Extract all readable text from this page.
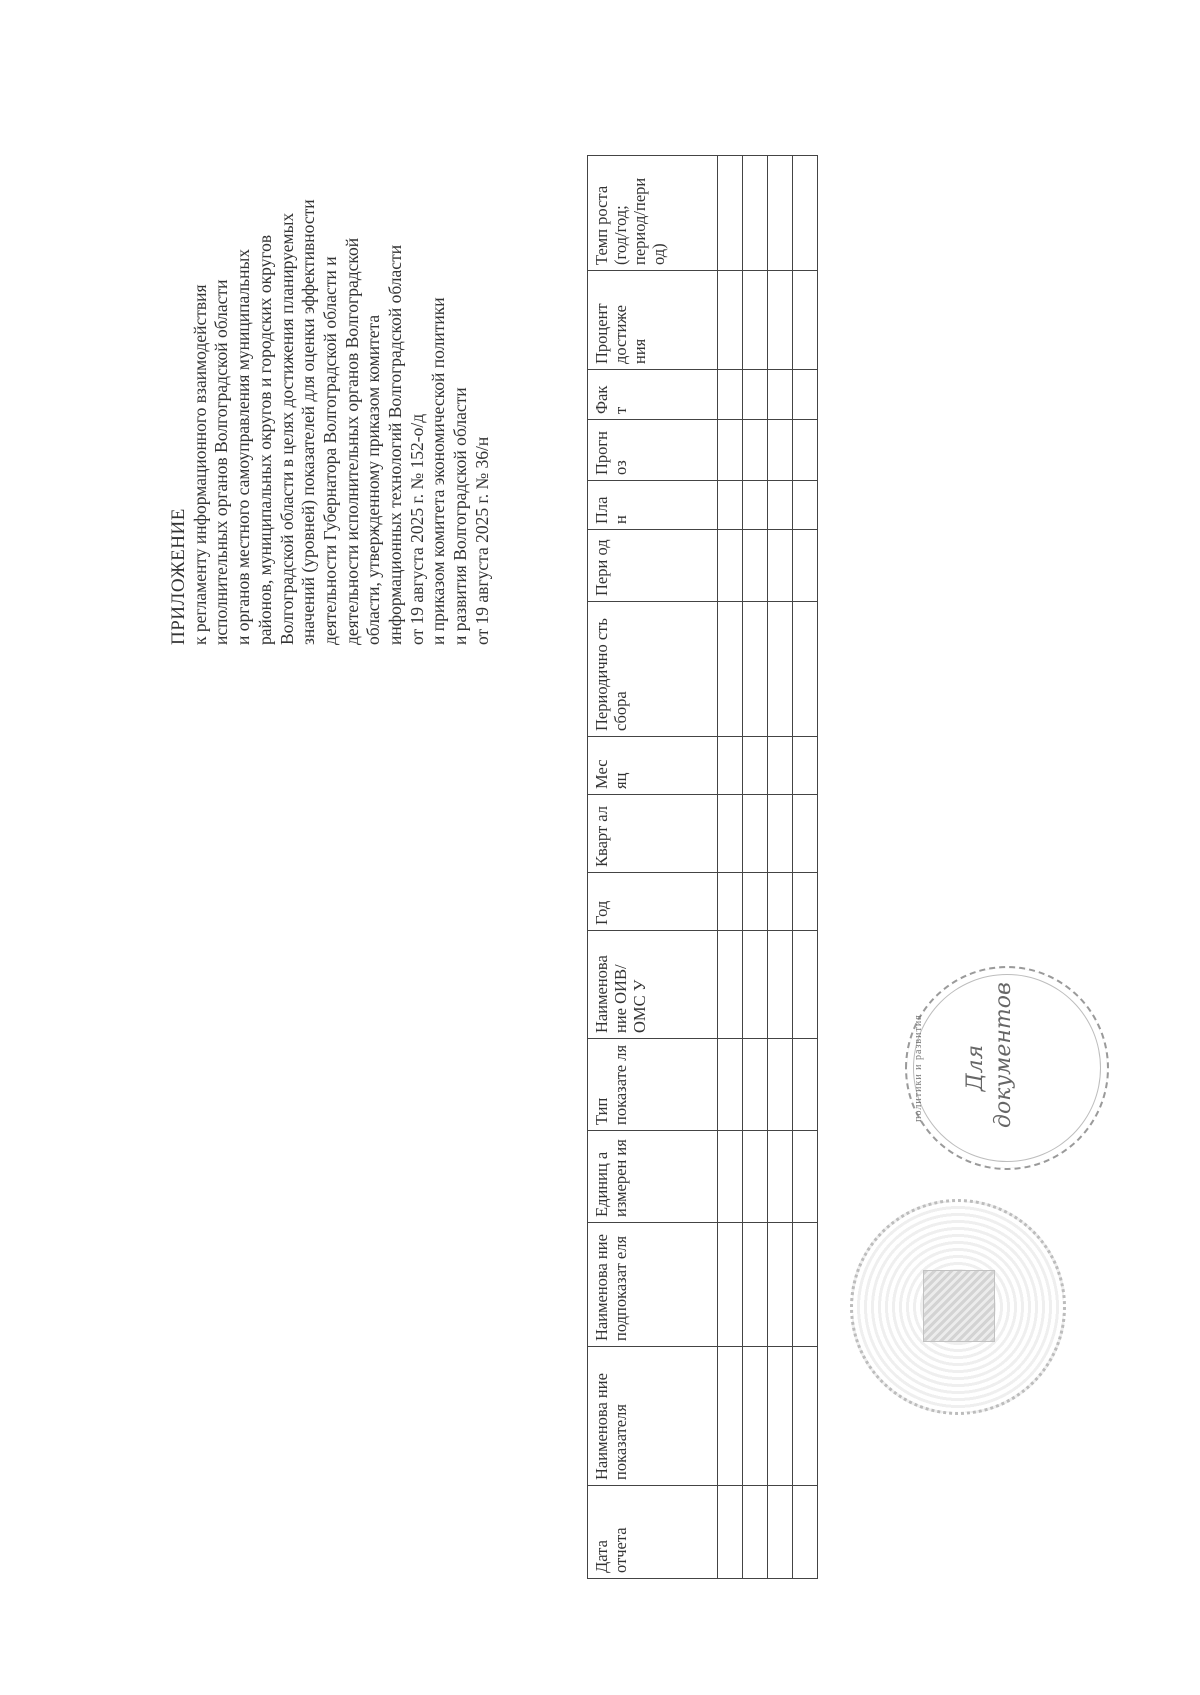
ПРИЛОЖЕНИЕ к регламенту информационного взаимодействия исполнительных органов Волгоградской области и органов местного самоуправления муниципальных районов, муниципальных округов и городских округов Волгоградской области в целях достижения планируемых значений (уровней) показателей для оценки эффективности деятельности Губернатора Волгоградской области и деятельности исполнительных органов Волгоградской области, утвержденному приказом комитета информационных технологий Волгоградской области от 19 августа 2025 г. № 152-о/д и приказом комитета экономической политики и развития Волгоградской области от 19 августа 2025 г. № 36/н
Дата отчета	Наименова ние показателя	Наименова ние подпоказат еля	Единиц а измерен ия	Тип показате ля	Наименова ние ОИВ/ОМС У	Год	Кварт ал	Мес яц	Периодично сть сбора	Пери од	Пла н	Прогн оз	Фак т	Процент достиже ния	Темп роста (год/год; период/пери од)

политики и развития Для документов
